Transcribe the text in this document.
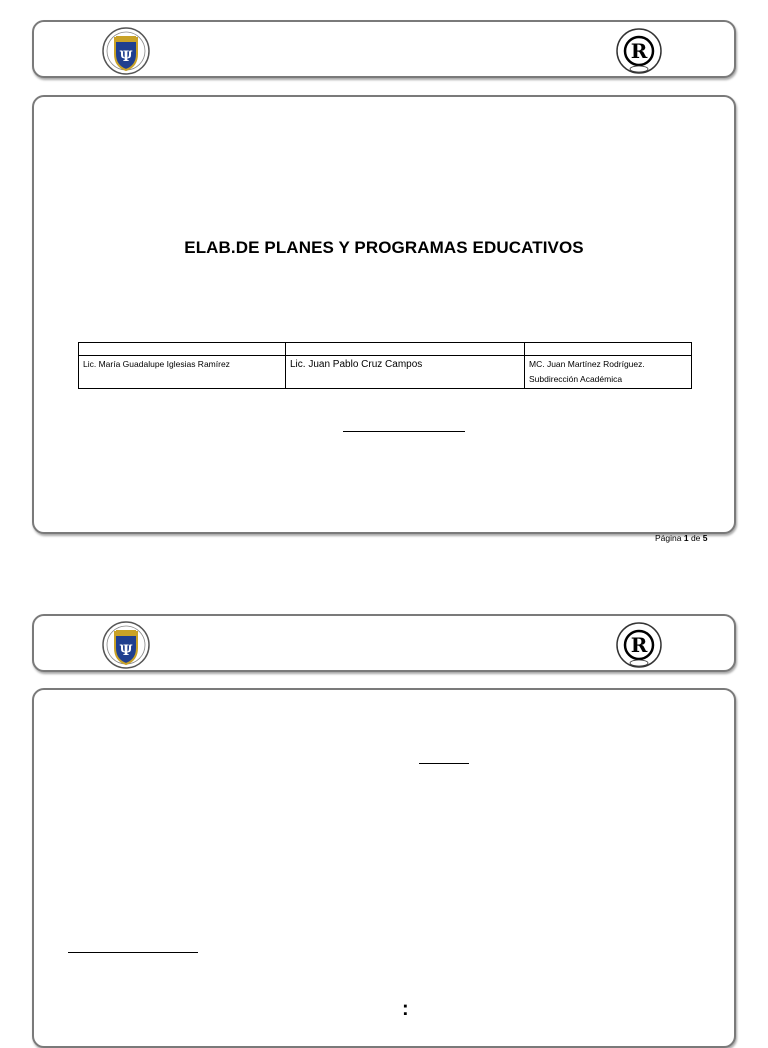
Ψ	R
ELAB.DE PLANES Y PROGRAMAS EDUCATIVOS

Lic. María Guadalupe Iglesias Ramírez	Lic. Juan Pablo Cruz Campos	MC. Juan Martínez Rodríguez.
Subdirección Académica
Página 1 de 5
Ψ	R
:
